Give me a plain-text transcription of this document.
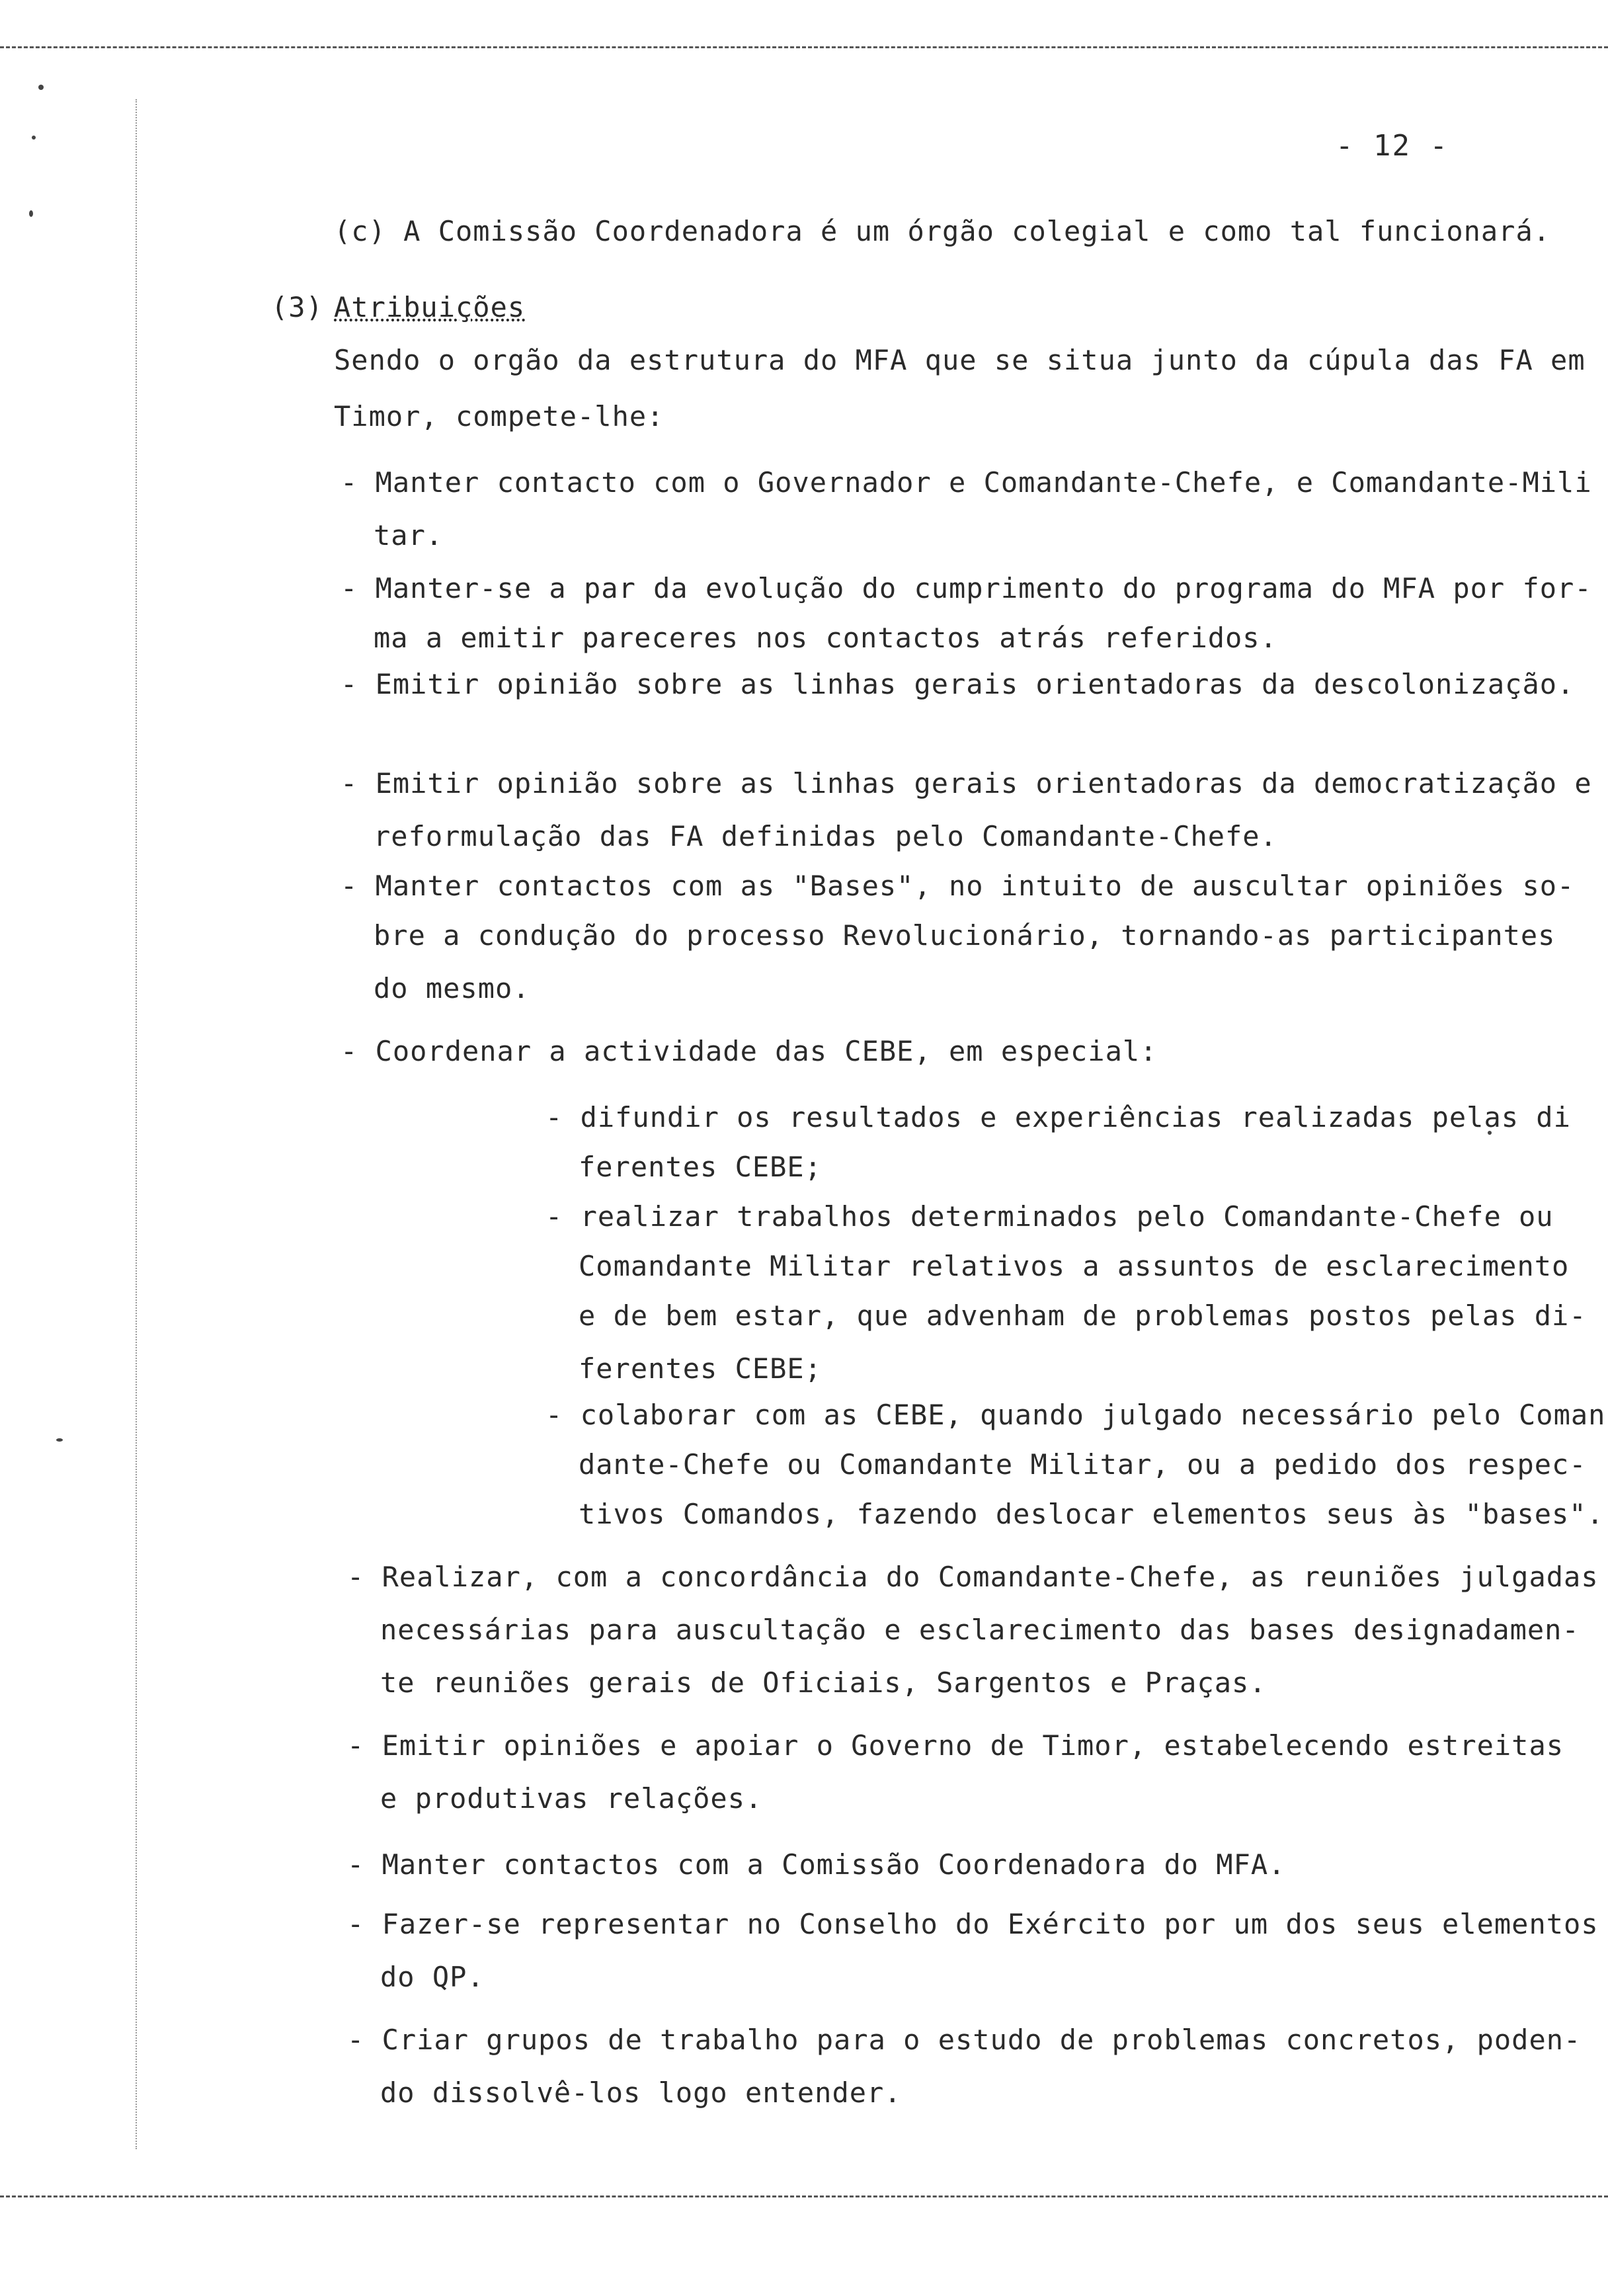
- 12 -
(c) A Comissão Coordenadora é um órgão colegial e como tal funcionará.
(3) Atribuições
Sendo o orgão da estrutura do MFA que se situa junto da cúpula das FA em
Timor, compete-lhe:
- Manter contacto com o Governador e Comandante-Chefe, e Comandante-Mili
tar.
- Manter-se a par da evolução do cumprimento do programa do MFA por for-
ma a emitir pareceres nos contactos atrás referidos.
- Emitir opinião sobre as linhas gerais orientadoras da descolonização.
- Emitir opinião sobre as linhas gerais orientadoras da democratização e
reformulação das FA definidas pelo Comandante-Chefe.
- Manter contactos com as "Bases", no intuito de auscultar opiniões so-
bre a condução do processo Revolucionário, tornando-as participantes
do mesmo.
- Coordenar a actividade das CEBE, em especial:
- difundir os resultados e experiências realizadas pelas di
ferentes CEBE;
- realizar trabalhos determinados pelo Comandante-Chefe ou
Comandante Militar relativos a assuntos de esclarecimento
e de bem estar, que advenham de problemas postos pelas di-
ferentes CEBE;
- colaborar com as CEBE, quando julgado necessário pelo Coman
dante-Chefe ou Comandante Militar, ou a pedido dos respec-
tivos Comandos, fazendo deslocar elementos seus às "bases".
- Realizar, com a concordância do Comandante-Chefe, as reuniões julgadas
necessárias para auscultação e esclarecimento das bases designadamen-
te reuniões gerais de Oficiais, Sargentos e Praças.
- Emitir opiniões e apoiar o Governo de Timor, estabelecendo estreitas
e produtivas relações.
- Manter contactos com a Comissão Coordenadora do MFA.
- Fazer-se representar no Conselho do Exército por um dos seus elementos
do QP.
- Criar grupos de trabalho para o estudo de problemas concretos, poden-
do dissolvê-los logo entender.
